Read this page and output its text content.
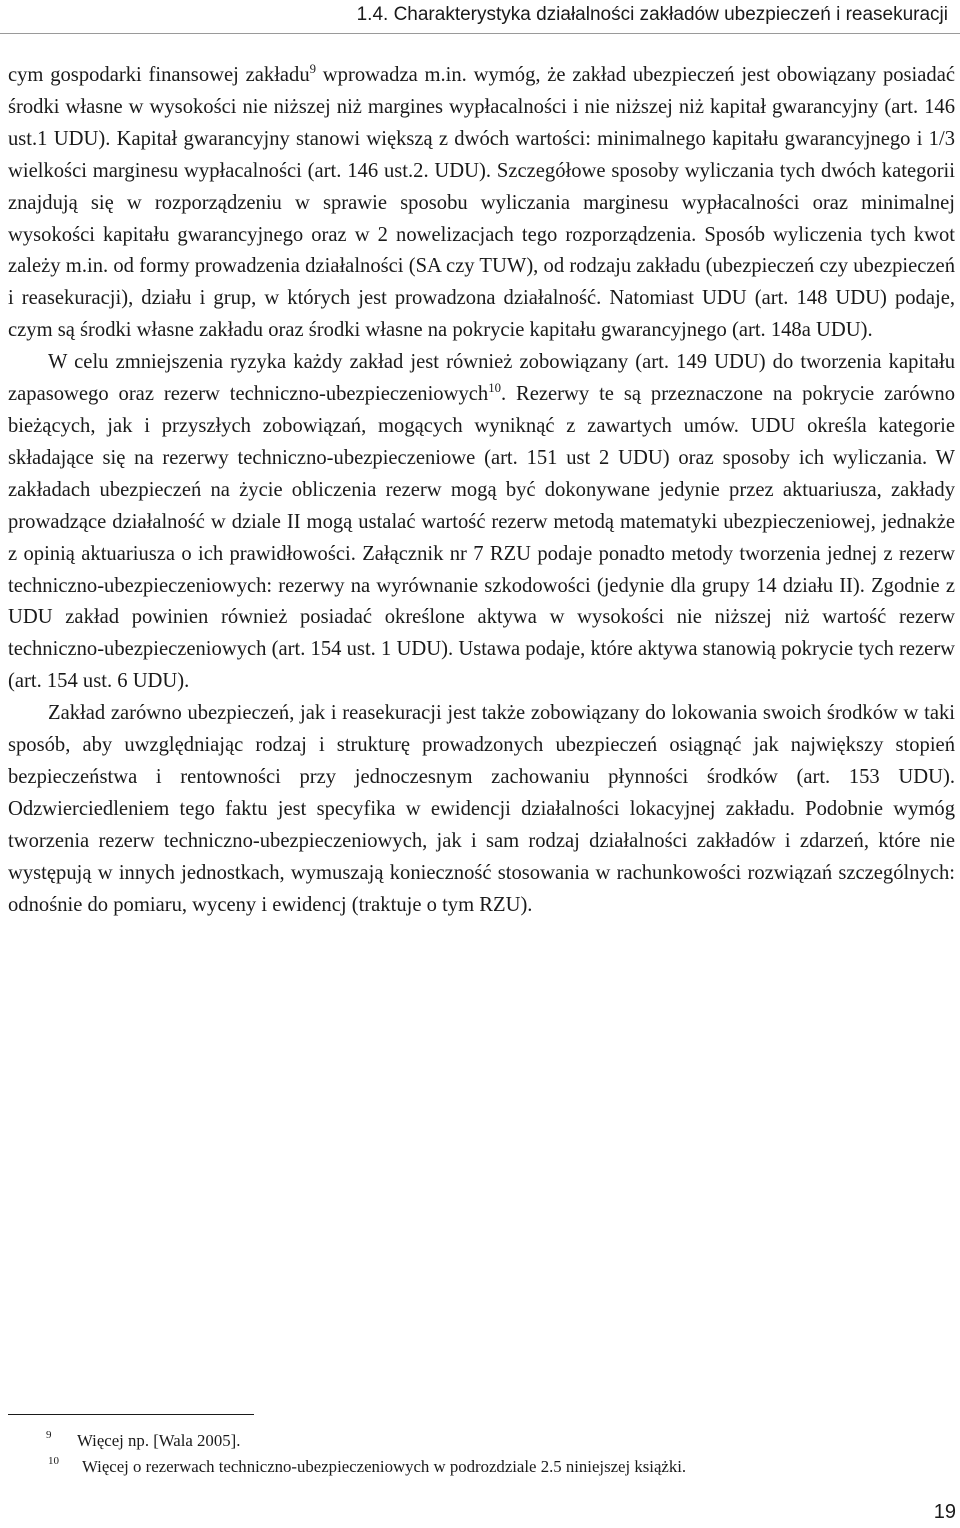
1.4. Charakterystyka działalności zakładów ubezpieczeń i reasekuracji

cym gospodarki finansowej zakładu$^9$ wprowadza m.in. wymóg, że zakład ubezpieczeń jest obowiązany posiadać środki własne w wysokości nie niższej niż margines wypłacalności i nie niższej niż kapitał gwarancyjny (art. 146 ust.1 UDU). Kapitał gwarancyjny stanowi większą z dwóch wartości: minimalnego kapitału gwarancyjnego i 1/3 wielkości marginesu wypłacalności (art. 146 ust.2. UDU). Szczegółowe sposoby wyliczania tych dwóch kategorii znajdują się w rozporządzeniu w sprawie sposobu wyliczania marginesu wypłacalności oraz minimalnej wysokości kapitału gwarancyjnego oraz w 2 nowelizacjach tego rozporządzenia. Sposób wyliczenia tych kwot zależy m.in. od formy prowadzenia działalności (SA czy TUW), od rodzaju zakładu (ubezpieczeń czy ubezpieczeń i reasekuracji), działu i grup, w których jest prowadzona działalność. Natomiast UDU (art. 148 UDU) podaje, czym są środki własne zakładu oraz środki własne na pokrycie kapitału gwarancyjnego (art. 148a UDU).

W celu zmniejszenia ryzyka każdy zakład jest również zobowiązany (art. 149 UDU) do tworzenia kapitału zapasowego oraz rezerw techniczno-ubezpieczeniowych$^{10}$. Rezerwy te są przeznaczone na pokrycie zarówno bieżących, jak i przyszłych zobowiązań, mogących wyniknąć z zawartych umów. UDU określa kategorie składające się na rezerwy techniczno-ubezpieczeniowe (art. 151 ust 2 UDU) oraz sposoby ich wyliczania. W zakładach ubezpieczeń na życie obliczenia rezerw mogą być dokonywane jedynie przez aktuariusza, zakłady prowadzące działalność w dziale II mogą ustalać wartość rezerw metodą matematyki ubezpieczeniowej, jednakże z opinią aktuariusza o ich prawidłowości. Załącznik nr 7 RZU podaje ponadto metody tworzenia jednej z rezerw techniczno-ubezpieczeniowych: rezerwy na wyrównanie szkodowości (jedynie dla grupy 14 działu II). Zgodnie z UDU zakład powinien również posiadać określone aktywa w wysokości nie niższej niż wartość rezerw techniczno-ubezpieczeniowych (art. 154 ust. 1 UDU). Ustawa podaje, które aktywa stanowią pokrycie tych rezerw (art. 154 ust. 6 UDU).

Zakład zarówno ubezpieczeń, jak i reasekuracji jest także zobowiązany do lokowania swoich środków w taki sposób, aby uwzględniając rodzaj i strukturę prowadzonych ubezpieczeń osiągnąć jak największy stopień bezpieczeństwa i rentowności przy jednoczesnym zachowaniu płynności środków (art. 153 UDU). Odzwierciedleniem tego faktu jest specyfika w ewidencji działalności lokacyjnej zakładu. Podobnie wymóg tworzenia rezerw techniczno-ubezpieczeniowych, jak i sam rodzaj działalności zakładów i zdarzeń, które nie występują w innych jednostkach, wymuszają konieczność stosowania w rachunkowości rozwiązań szczególnych: odnośnie do pomiaru, wyceny i ewidencj (traktuje o tym RZU).

9 Więcej np. [Wala 2005].
10 Więcej o rezerwach techniczno-ubezpieczeniowych w podrozdziale 2.5 niniejszej książki.
19
